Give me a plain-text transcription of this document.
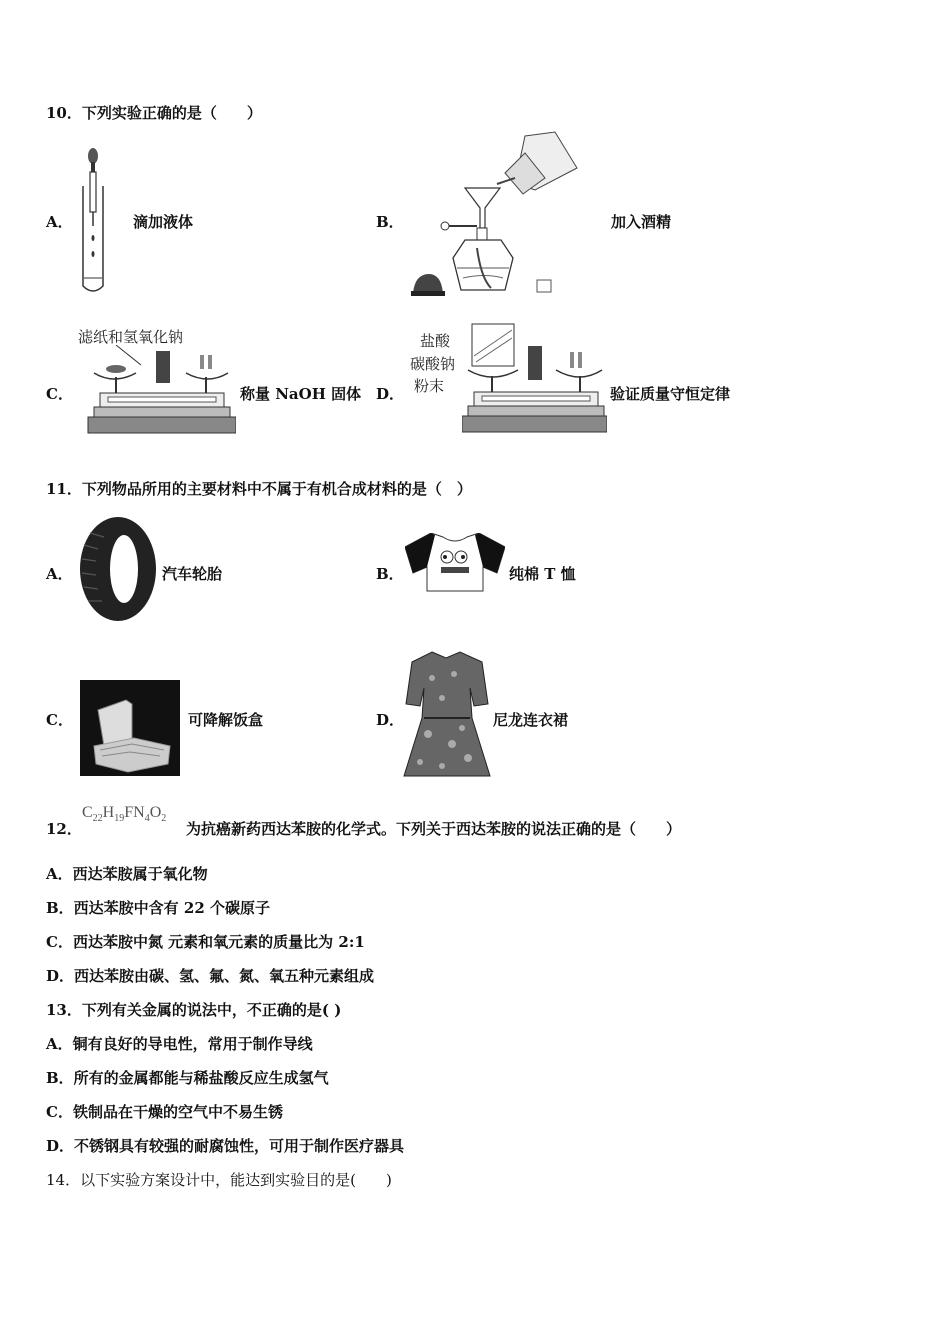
10．下列实验正确的是（　　）
A．	滴加液体	B．	加入酒精
C．
滤纸和氢氧化钠
称量 NaOH 固体 D．
盐酸
碳酸钠
粉末	验证质量守恒定律
11．下列物品所用的主要材料中不属于有机合成材料的是（　）
A．	汽车轮胎	B．	纯棉 T 恤
C．	可降解饭盒	D．	尼龙连衣裙
12．
$C_{22}H_{19}FN_4O_2$
为抗癌新药西达苯胺的化学式。下列关于西达苯胺的说法正确的是（　　）
A．西达苯胺属于氧化物
B．西达苯胺中含有 22 个碳原子
C．西达苯胺中氮 元素和氧元素的质量比为 2:1
D．西达苯胺由碳、氢、氟、氮、氧五种元素组成
13．下列有关金属的说法中，不正确的是( )
A．铜有良好的导电性，常用于制作导线
B．所有的金属都能与稀盐酸反应生成氢气
C．铁制品在干燥的空气中不易生锈
D．不锈钢具有较强的耐腐蚀性，可用于制作医疗器具
14．以下实验方案设计中，能达到实验目的是(　　)
